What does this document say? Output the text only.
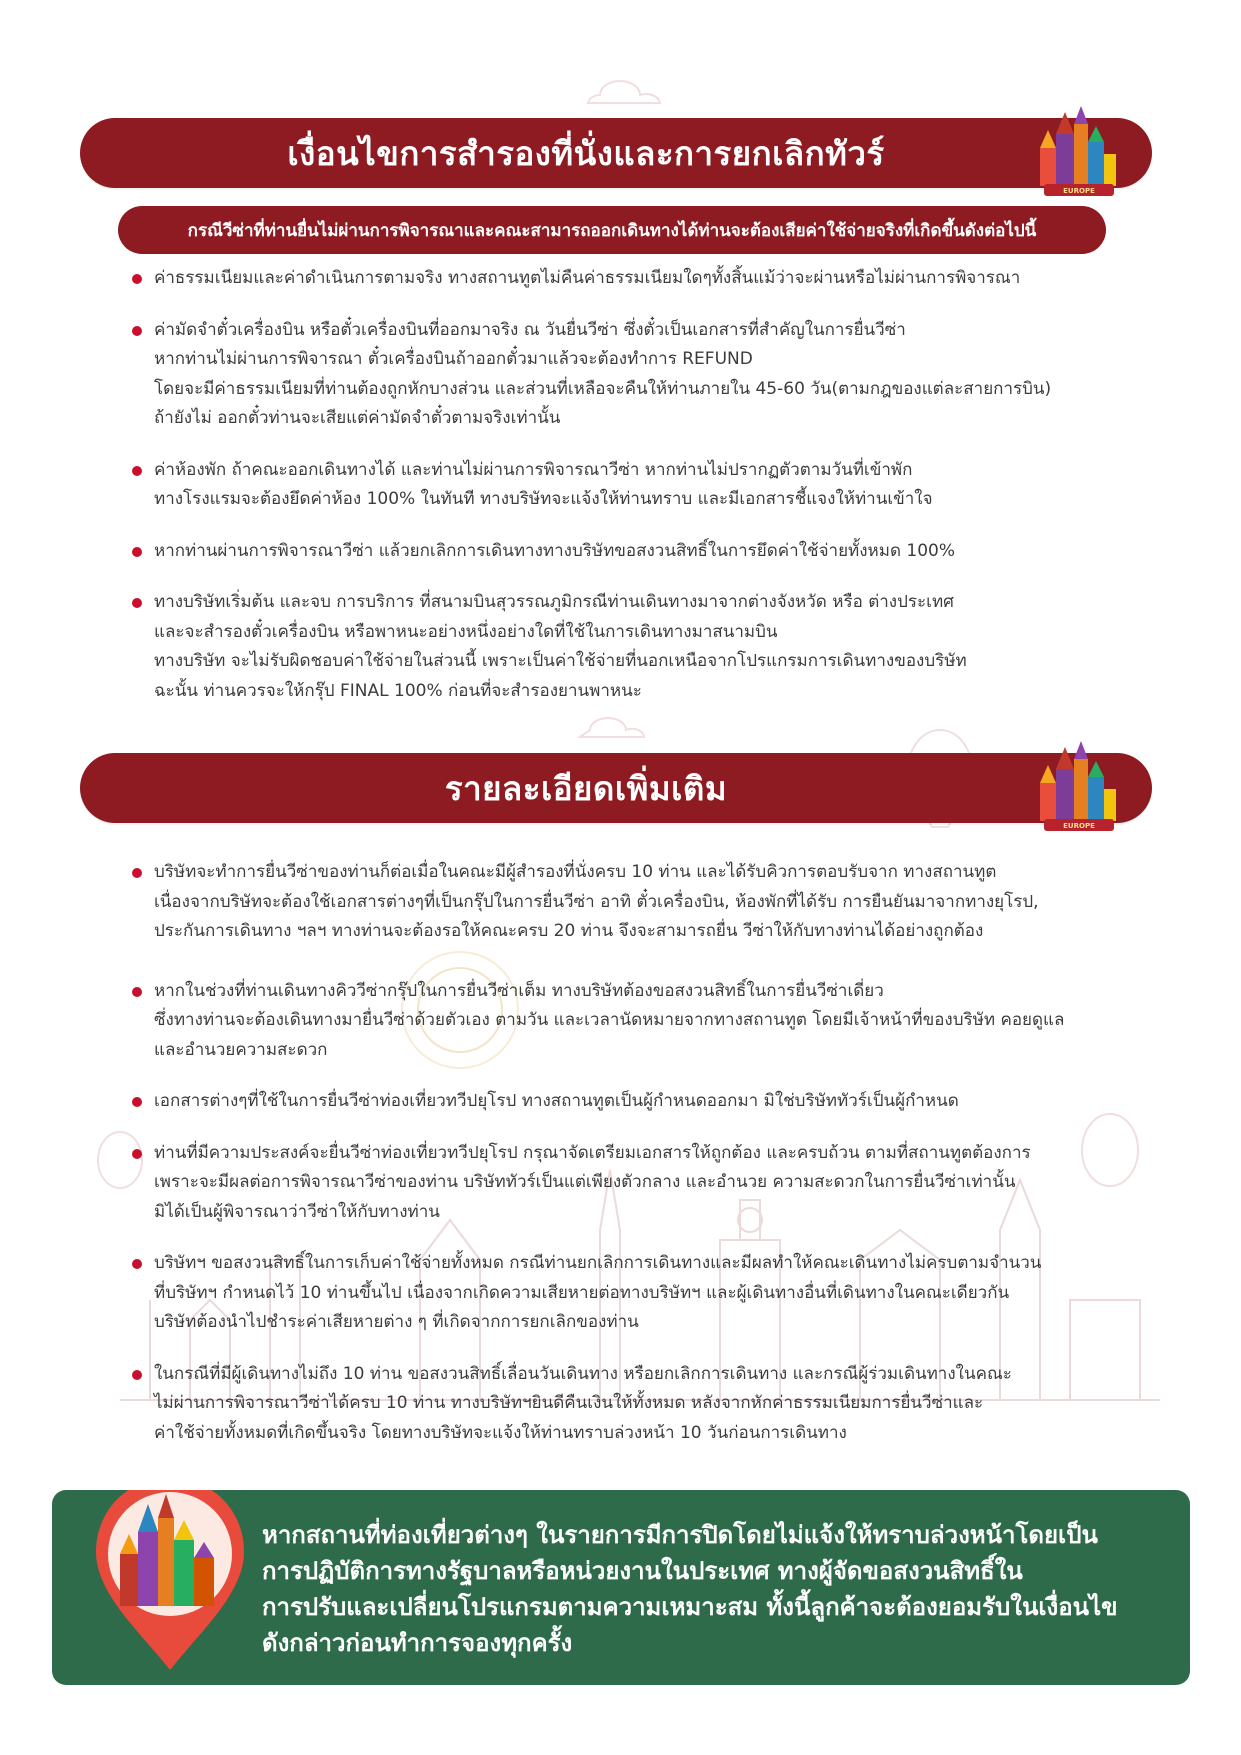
เงื่อนไขการสำรองที่นั่งและการยกเลิกทัวร์
EUROPE
กรณีวีซ่าที่ท่านยื่นไม่ผ่านการพิจารณาและคณะสามารถออกเดินทางได้ท่านจะต้องเสียค่าใช้จ่ายจริงที่เกิดขึ้นดังต่อไปนี้
ค่าธรรมเนียมและค่าดำเนินการตามจริง ทางสถานทูตไม่คืนค่าธรรมเนียมใดๆทั้งสิ้นแม้ว่าจะผ่านหรือไม่ผ่านการพิจารณา
ค่ามัดจำตั๋วเครื่องบิน หรือตั๋วเครื่องบินที่ออกมาจริง ณ วันยื่นวีซ่า ซึ่งตั๋วเป็นเอกสารที่สำคัญในการยื่นวีซ่า
หากท่านไม่ผ่านการพิจารณา ตั๋วเครื่องบินถ้าออกตั๋วมาแล้วจะต้องทำการ REFUND
โดยจะมีค่าธรรมเนียมที่ท่านต้องถูกหักบางส่วน และส่วนที่เหลือจะคืนให้ท่านภายใน 45-60 วัน(ตามกฎของแต่ละสายการบิน)
ถ้ายังไม่ ออกตั๋วท่านจะเสียแต่ค่ามัดจำตั๋วตามจริงเท่านั้น
ค่าห้องพัก ถ้าคณะออกเดินทางได้ และท่านไม่ผ่านการพิจารณาวีซ่า หากท่านไม่ปรากฏตัวตามวันที่เข้าพัก
ทางโรงแรมจะต้องยึดค่าห้อง 100% ในทันที ทางบริษัทจะแจ้งให้ท่านทราบ และมีเอกสารชี้แจงให้ท่านเข้าใจ
หากท่านผ่านการพิจารณาวีซ่า แล้วยกเลิกการเดินทางทางบริษัทขอสงวนสิทธิ์ในการยึดค่าใช้จ่ายทั้งหมด 100%
ทางบริษัทเริ่มต้น และจบ การบริการ ที่สนามบินสุวรรณภูมิกรณีท่านเดินทางมาจากต่างจังหวัด หรือ ต่างประเทศ
และจะสำรองตั๋วเครื่องบิน หรือพาหนะอย่างหนึ่งอย่างใดที่ใช้ในการเดินทางมาสนามบิน
ทางบริษัท จะไม่รับผิดชอบค่าใช้จ่ายในส่วนนี้ เพราะเป็นค่าใช้จ่ายที่นอกเหนือจากโปรแกรมการเดินทางของบริษัท
ฉะนั้น ท่านควรจะให้กรุ๊ป FINAL 100% ก่อนที่จะสำรองยานพาหนะ
รายละเอียดเพิ่มเติม
EUROPE
บริษัทจะทำการยื่นวีซ่าของท่านก็ต่อเมื่อในคณะมีผู้สำรองที่นั่งครบ 10 ท่าน และได้รับคิวการตอบรับจาก ทางสถานทูต
เนื่องจากบริษัทจะต้องใช้เอกสารต่างๆที่เป็นกรุ๊ปในการยื่นวีซ่า อาทิ ตั๋วเครื่องบิน, ห้องพักที่ได้รับ การยืนยันมาจากทางยุโรป,
ประกันการเดินทาง ฯลฯ ทางท่านจะต้องรอให้คณะครบ 20 ท่าน จึงจะสามารถยื่น วีซ่าให้กับทางท่านได้อย่างถูกต้อง
หากในช่วงที่ท่านเดินทางคิววีซ่ากรุ๊ปในการยื่นวีซ่าเต็ม ทางบริษัทต้องขอสงวนสิทธิ์ในการยื่นวีซ่าเดี่ยว
ซึ่งทางท่านจะต้องเดินทางมายื่นวีซ่าด้วยตัวเอง ตามวัน และเวลานัดหมายจากทางสถานทูต โดยมีเจ้าหน้าที่ของบริษัท คอยดูแล
และอำนวยความสะดวก
เอกสารต่างๆที่ใช้ในการยื่นวีซ่าท่องเที่ยวทวีปยุโรป ทางสถานทูตเป็นผู้กำหนดออกมา มิใช่บริษัททัวร์เป็นผู้กำหนด
ท่านที่มีความประสงค์จะยื่นวีซ่าท่องเที่ยวทวีปยุโรป กรุณาจัดเตรียมเอกสารให้ถูกต้อง และครบถ้วน ตามที่สถานทูตต้องการ
เพราะจะมีผลต่อการพิจารณาวีซ่าของท่าน บริษัททัวร์เป็นแต่เพียงตัวกลาง และอำนวย ความสะดวกในการยื่นวีซ่าเท่านั้น
มิได้เป็นผู้พิจารณาว่าวีซ่าให้กับทางท่าน
บริษัทฯ ขอสงวนสิทธิ์ในการเก็บค่าใช้จ่ายทั้งหมด กรณีท่านยกเลิกการเดินทางและมีผลทำให้คณะเดินทางไม่ครบตามจำนวน
ที่บริษัทฯ กำหนดไว้ 10 ท่านขึ้นไป เนื่องจากเกิดความเสียหายต่อทางบริษัทฯ และผู้เดินทางอื่นที่เดินทางในคณะเดียวกัน
บริษัทต้องนำไปชำระค่าเสียหายต่าง ๆ ที่เกิดจากการยกเลิกของท่าน
ในกรณีที่มีผู้เดินทางไม่ถึง 10 ท่าน ขอสงวนสิทธิ์เลื่อนวันเดินทาง หรือยกเลิกการเดินทาง และกรณีผู้ร่วมเดินทางในคณะ
ไม่ผ่านการพิจารณาวีซ่าได้ครบ 10 ท่าน ทางบริษัทฯยินดีคืนเงินให้ทั้งหมด หลังจากหักค่าธรรมเนียมการยื่นวีซ่าและ
ค่าใช้จ่ายทั้งหมดที่เกิดขึ้นจริง โดยทางบริษัทจะแจ้งให้ท่านทราบล่วงหน้า 10 วันก่อนการเดินทาง
หากสถานที่ท่องเที่ยวต่างๆ ในรายการมีการปิดโดยไม่แจ้งให้ทราบล่วงหน้าโดยเป็น
การปฏิบัติการทางรัฐบาลหรือหน่วยงานในประเทศ ทางผู้จัดขอสงวนสิทธิ์ใน
การปรับและเปลี่ยนโปรแกรมตามความเหมาะสม ทั้งนี้ลูกค้าจะต้องยอมรับในเงื่อนไข
ดังกล่าวก่อนทำการจองทุกครั้ง
